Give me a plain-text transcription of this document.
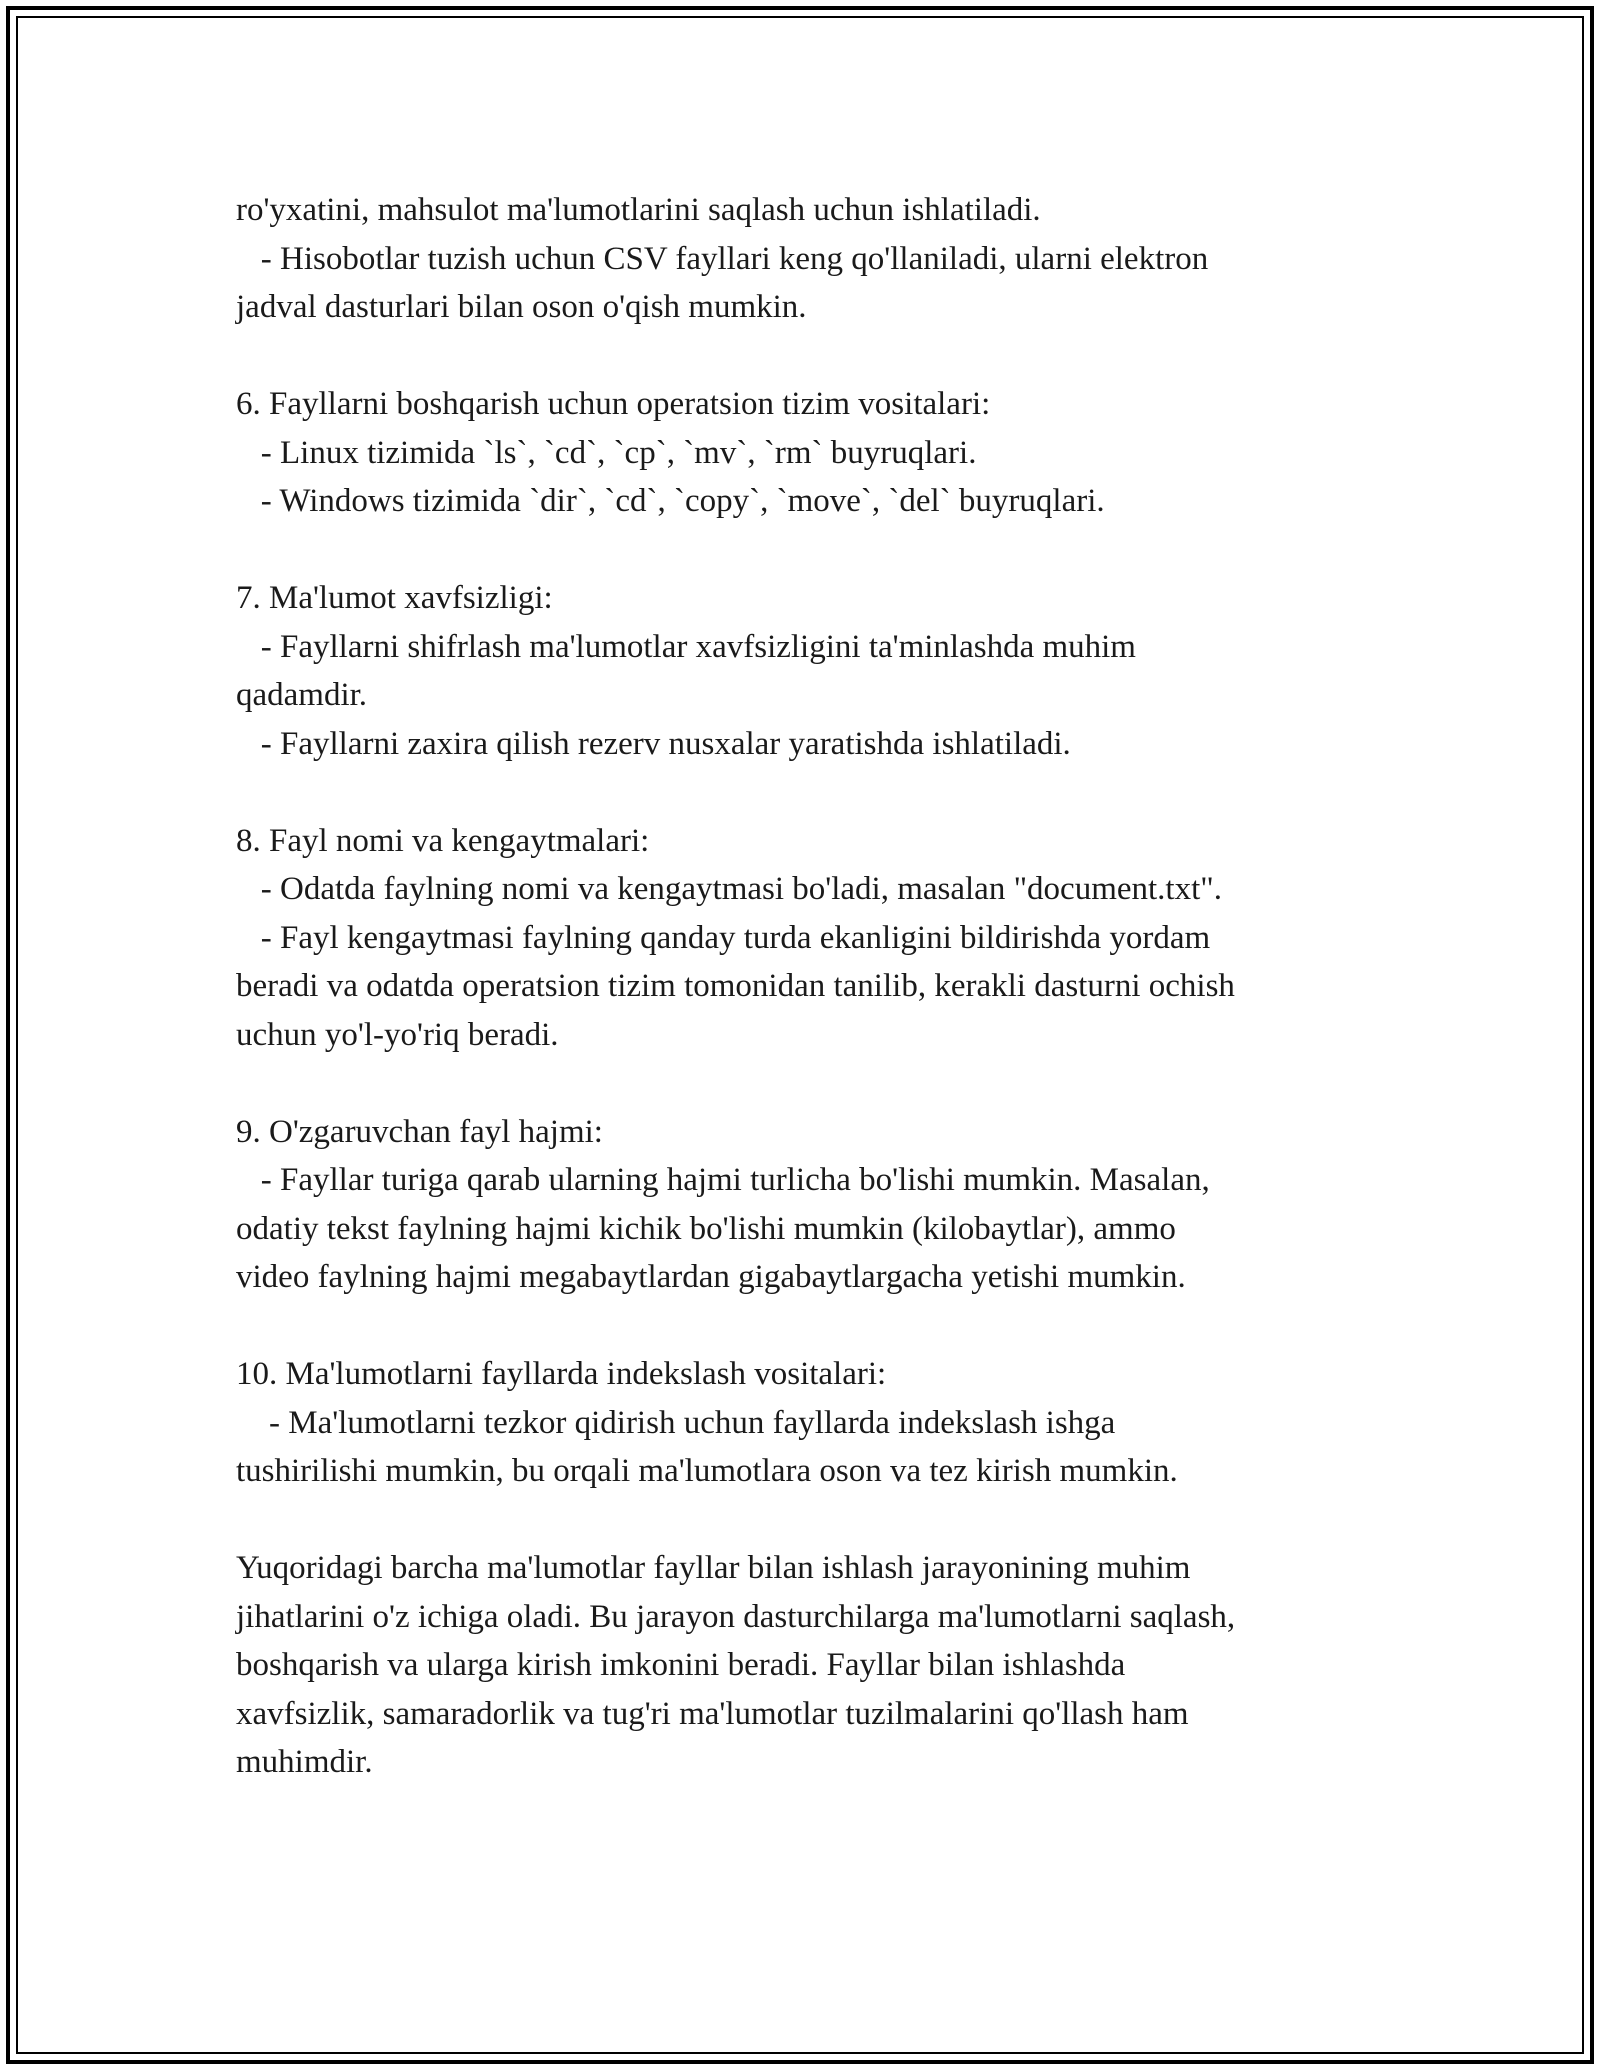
ro'yxatini, mahsulot ma'lumotlarini saqlash uchun ishlatiladi.
- Hisobotlar tuzish uchun CSV fayllari keng qo'llaniladi, ularni elektron
jadval dasturlari bilan oson o'qish mumkin.
6. Fayllarni boshqarish uchun operatsion tizim vositalari:
- Linux tizimida `ls`, `cd`, `cp`, `mv`, `rm` buyruqlari.
- Windows tizimida `dir`, `cd`, `copy`, `move`, `del` buyruqlari.
7. Ma'lumot xavfsizligi:
- Fayllarni shifrlash ma'lumotlar xavfsizligini ta'minlashda muhim
qadamdir.
- Fayllarni zaxira qilish rezerv nusxalar yaratishda ishlatiladi.
8. Fayl nomi va kengaytmalari:
- Odatda faylning nomi va kengaytmasi bo'ladi, masalan "document.txt".
- Fayl kengaytmasi faylning qanday turda ekanligini bildirishda yordam
beradi va odatda operatsion tizim tomonidan tanilib, kerakli dasturni ochish
uchun yo'l-yo'riq beradi.
9. O'zgaruvchan fayl hajmi:
- Fayllar turiga qarab ularning hajmi turlicha bo'lishi mumkin. Masalan,
odatiy tekst faylning hajmi kichik bo'lishi mumkin (kilobaytlar), ammo
video faylning hajmi megabaytlardan gigabaytlargacha yetishi mumkin.
10. Ma'lumotlarni fayllarda indekslash vositalari:
- Ma'lumotlarni tezkor qidirish uchun fayllarda indekslash ishga
tushirilishi mumkin, bu orqali ma'lumotlara oson va tez kirish mumkin.
Yuqoridagi barcha ma'lumotlar fayllar bilan ishlash jarayonining muhim
jihatlarini o'z ichiga oladi. Bu jarayon dasturchilarga ma'lumotlarni saqlash,
boshqarish va ularga kirish imkonini beradi. Fayllar bilan ishlashda
xavfsizlik, samaradorlik va tug'ri ma'lumotlar tuzilmalarini qo'llash ham
muhimdir.
